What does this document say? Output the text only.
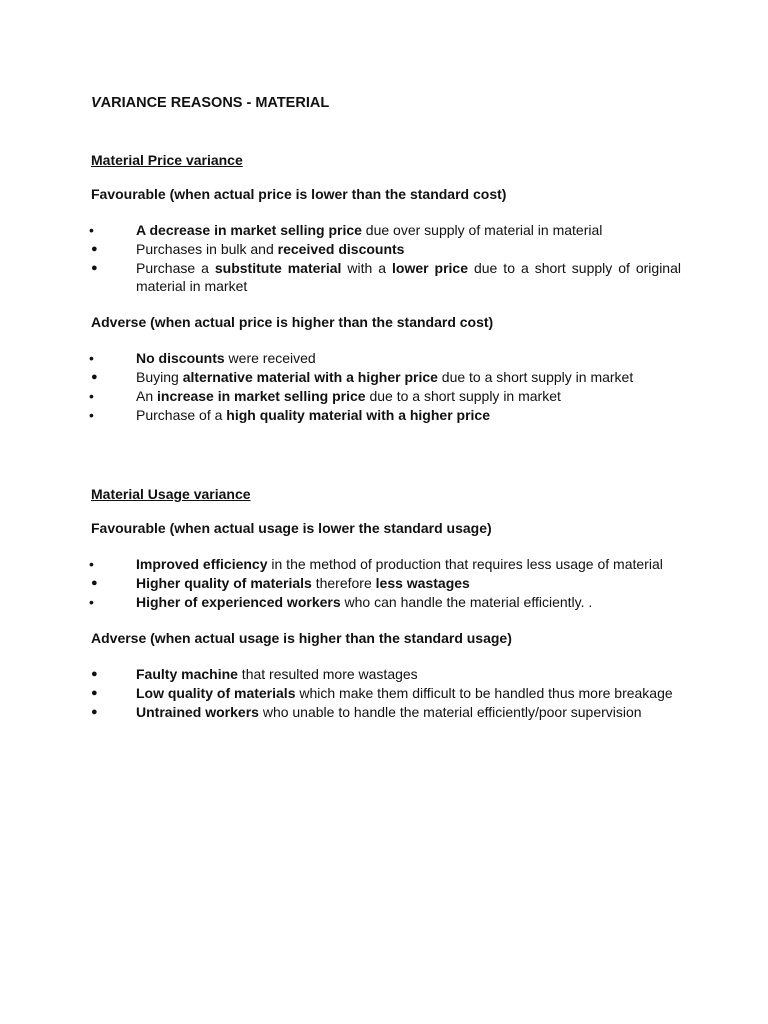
VARIANCE REASONS - MATERIAL
Material Price variance
Favourable (when actual price is lower than the standard cost)
•	A decrease in market selling price due over supply of material in material
●	Purchases in bulk and received discounts
●	Purchase a substitute material with a lower price due to a short supply of original material in market
Adverse (when actual price is higher than the standard cost)
•	No discounts were received
●	Buying alternative material with a higher price due to a short supply in market
•	An increase in market selling price due to a short supply in market
•	Purchase of a high quality material with a higher price
Material Usage variance
Favourable (when actual usage is lower the standard usage)
•	Improved efficiency in the method of production that requires less usage of material
●	Higher quality of materials therefore less wastages
•	Higher of experienced workers who can handle the material efficiently. .
Adverse (when actual usage is higher than the standard usage)
●	Faulty machine that resulted more wastages
●	Low quality of materials which make them difficult to be handled thus more breakage
●	Untrained workers who unable to handle the material efficiently/poor supervision
